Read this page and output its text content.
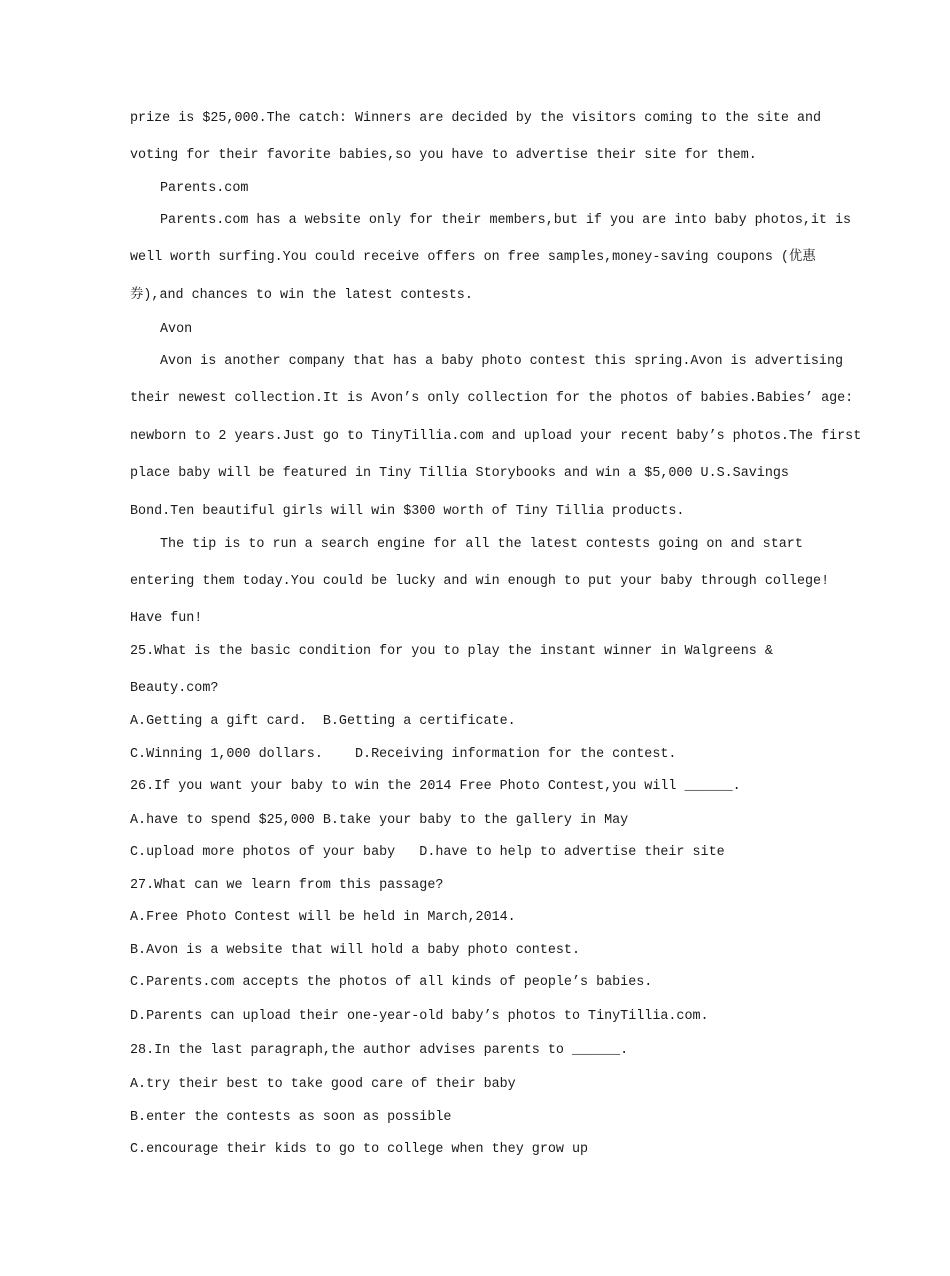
prize is $25,000.The catch: Winners are decided by the visitors coming to the site and
voting for their favorite babies,so you have to advertise their site for them.
Parents.com
Parents.com has a website only for their members,but if you are into baby photos,it is
well worth surfing.You could receive offers on free samples,money-saving coupons (优惠
券),and chances to win the latest contests.
Avon
Avon is another company that has a baby photo contest this spring.Avon is advertising
their newest collection.It is Avon’s only collection for the photos of babies.Babies’ age:
newborn to 2 years.Just go to TinyTillia.com and upload your recent baby’s photos.The first
place baby will be featured in Tiny Tillia Storybooks and win a $5,000 U.S.Savings
Bond.Ten beautiful girls will win $300 worth of Tiny Tillia products.
The tip is to run a search engine for all the latest contests going on and start
entering them today.You could be lucky and win enough to put your baby through college!
Have fun!
25.What is the basic condition for you to play the instant winner in Walgreens &
Beauty.com?
A.Getting a gift card.  B.Getting a certificate.
C.Winning 1,000 dollars.    D.Receiving information for the contest.
26.If you want your baby to win the 2014 Free Photo Contest,you will ______.
A.have to spend $25,000 B.take your baby to the gallery in May
C.upload more photos of your baby   D.have to help to advertise their site
27.What can we learn from this passage?
A.Free Photo Contest will be held in March,2014.
B.Avon is a website that will hold a baby photo contest.
C.Parents.com accepts the photos of all kinds of people’s babies.
D.Parents can upload their one-year-old baby’s photos to TinyTillia.com.
28.In the last paragraph,the author advises parents to ______.
A.try their best to take good care of their baby
B.enter the contests as soon as possible
C.encourage their kids to go to college when they grow up
